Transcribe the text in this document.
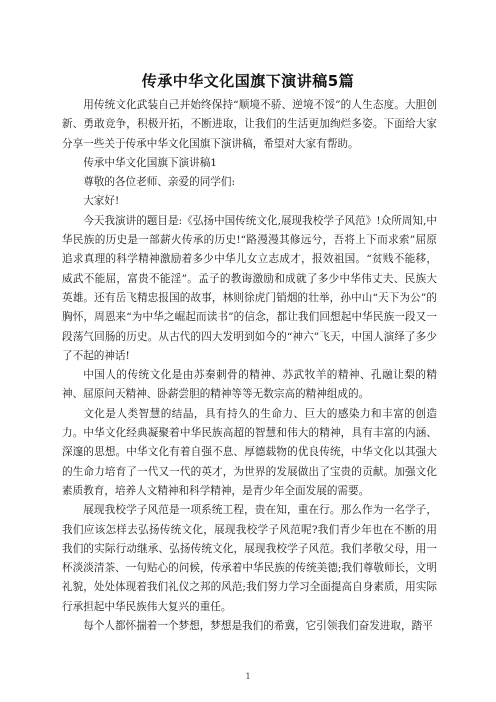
传承中华文化国旗下演讲稿5篇

用传统文化武装自己并始终保持“顺境不骄、逆境不馁”的人生态度。大胆创新、勇敢竞争，积极开拓，不断进取，让我们的生活更加绚烂多姿。下面给大家分享一些关于传承中华文化国旗下演讲稿，希望对大家有帮助。

传承中华文化国旗下演讲稿1

尊敬的各位老师、亲爱的同学们:

大家好!

今天我演讲的题目是:《弘扬中国传统文化,展现我校学子风范》!众所周知,中华民族的历史是一部薪火传承的历史!“路漫漫其修远兮，吾将上下而求索”屈原追求真理的科学精神激励着多少中华儿女立志成才，报效祖国。“贫贱不能移，威武不能屈，富贵不能淫”。孟子的教诲激励和成就了多少中华伟丈夫、民族大英雄。还有岳飞精忠报国的故事，林则徐虎门销烟的壮举，孙中山“天下为公”的胸怀，周恩来“为中华之崛起而读书”的信念，都让我们回想起中华民族一段又一段荡气回肠的历史。从古代的四大发明到如今的“神六”飞天，中国人演绎了多少了不起的神话!

中国人的传统文化是由苏秦刺骨的精神、苏武牧羊的精神、孔融让梨的精神、屈原问天精神、卧薪尝胆的精神等等无数宗高的精神组成的。

文化是人类智慧的结晶，具有持久的生命力、巨大的感染力和丰富的创造力。中华文化经典凝聚着中华民族高超的智慧和伟大的精神，具有丰富的内涵、深邃的思想。中华文化有着自强不息、厚德载物的优良传统，中华文化以其强大的生命力培育了一代又一代的英才，为世界的发展做出了宝贵的贡献。加强文化素质教育，培养人文精神和科学精神，是青少年全面发展的需要。

展现我校学子风范是一项系统工程，贵在知，重在行。那么作为一名学子，我们应该怎样去弘扬传统文化，展现我校学子风范呢?我们青少年也在不断的用我们的实际行动继承、弘扬传统文化，展现我校学子风范。我们孝敬父母，用一杯淡淡清茶、一句贴心的问候，传承着中华民族的传统美德;我们尊敬师长，文明礼貌，处处体现着我们礼仪之邦的风范;我们努力学习全面提高自身素质，用实际行承担起中华民族伟大复兴的重任。

每个人都怀揣着一个梦想，梦想是我们的希冀，它引领我们奋发进取，踏平

1
